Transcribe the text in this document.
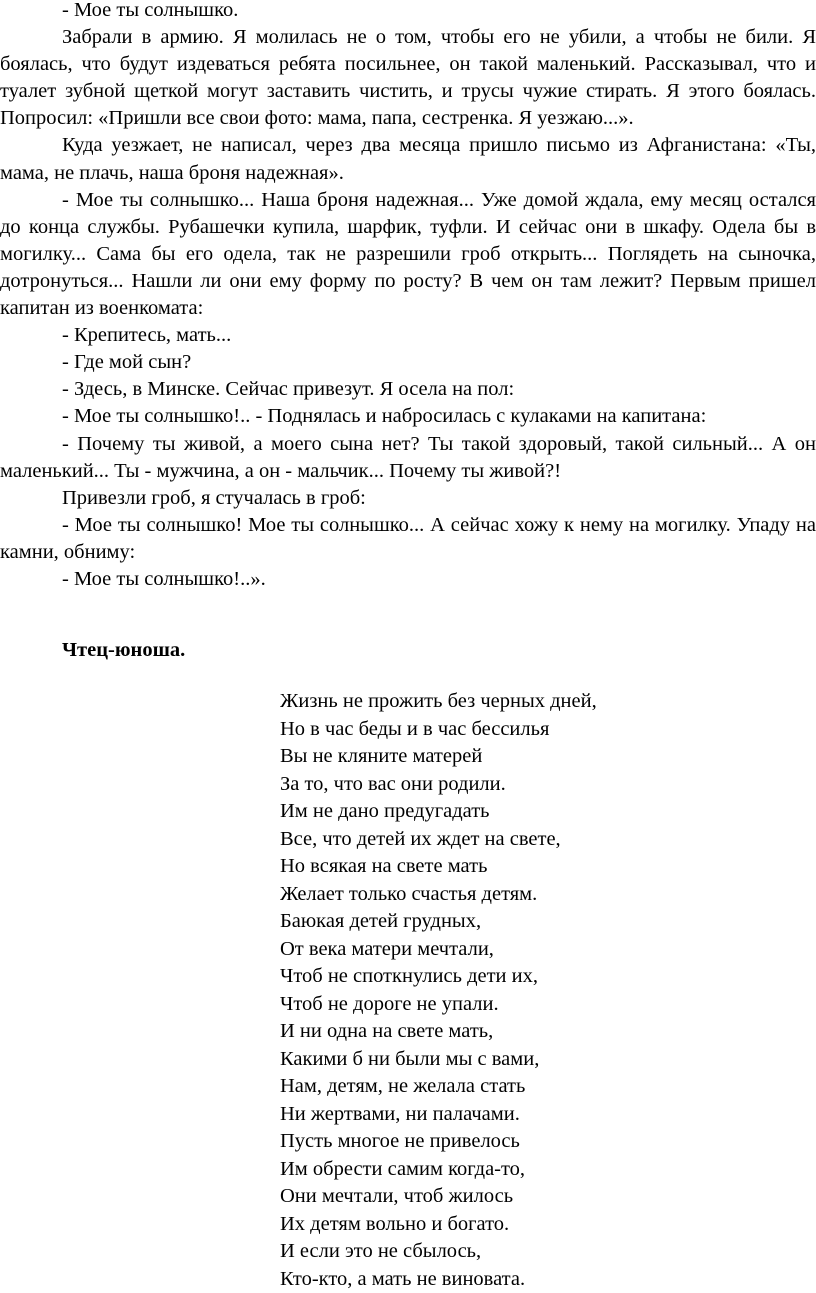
- Мое ты солнышко.

Забрали в армию. Я молилась не о том, чтобы его не убили, а чтобы не били. Я боялась, что будут издеваться ребята посильнее, он такой маленький. Рассказывал, что и туалет зубной щеткой могут заставить чистить, и трусы чужие стирать. Я этого боялась. Попросил: «Пришли все свои фото: мама, папа, сестренка. Я уезжаю...».

Куда уезжает, не написал, через два месяца пришло письмо из Афганистана: «Ты, мама, не плачь, наша броня надежная».

- Мое ты солнышко... Наша броня надежная... Уже домой ждала, ему месяц остался до конца службы. Рубашечки купила, шарфик, туфли. И сейчас они в шкафу. Одела бы в могилку... Сама бы его одела, так не разрешили гроб открыть... Поглядеть на сыночка, дотронуться... Нашли ли они ему форму по росту? В чем он там лежит? Первым пришел капитан из военкомата:

- Крепитесь, мать...

- Где мой сын?

- Здесь, в Минске. Сейчас привезут. Я осела на пол:

- Мое ты солнышко!.. - Поднялась и набросилась с кулаками на капитана:

- Почему ты живой, а моего сына нет? Ты такой здоровый, такой сильный... А он маленький... Ты - мужчина, а он - мальчик... Почему ты живой?!

Привезли гроб, я стучалась в гроб:

- Мое ты солнышко! Мое ты солнышко... А сейчас хожу к нему на могилку. Упаду на камни, обниму:

- Мое ты солнышко!..».

Чтец-юноша.
Жизнь не прожить без черных дней,
Но в час беды и в час бессилья
Вы не кляните матерей
За то, что вас они родили.
Им не дано предугадать
Все, что детей их ждет на свете,
Но всякая на свете мать
Желает только счастья детям.
Баюкая детей грудных,
От века матери мечтали,
Чтоб не споткнулись дети их,
Чтоб не дороге не упали.
И ни одна на свете мать,
Какими б ни были мы с вами,
Нам, детям, не желала стать
Ни жертвами, ни палачами.
Пусть многое не привелось
Им обрести самим когда-то,
Они мечтали, чтоб жилось
Их детям вольно и богато.
И если это не сбылось,
Кто-кто, а мать не виновата.
